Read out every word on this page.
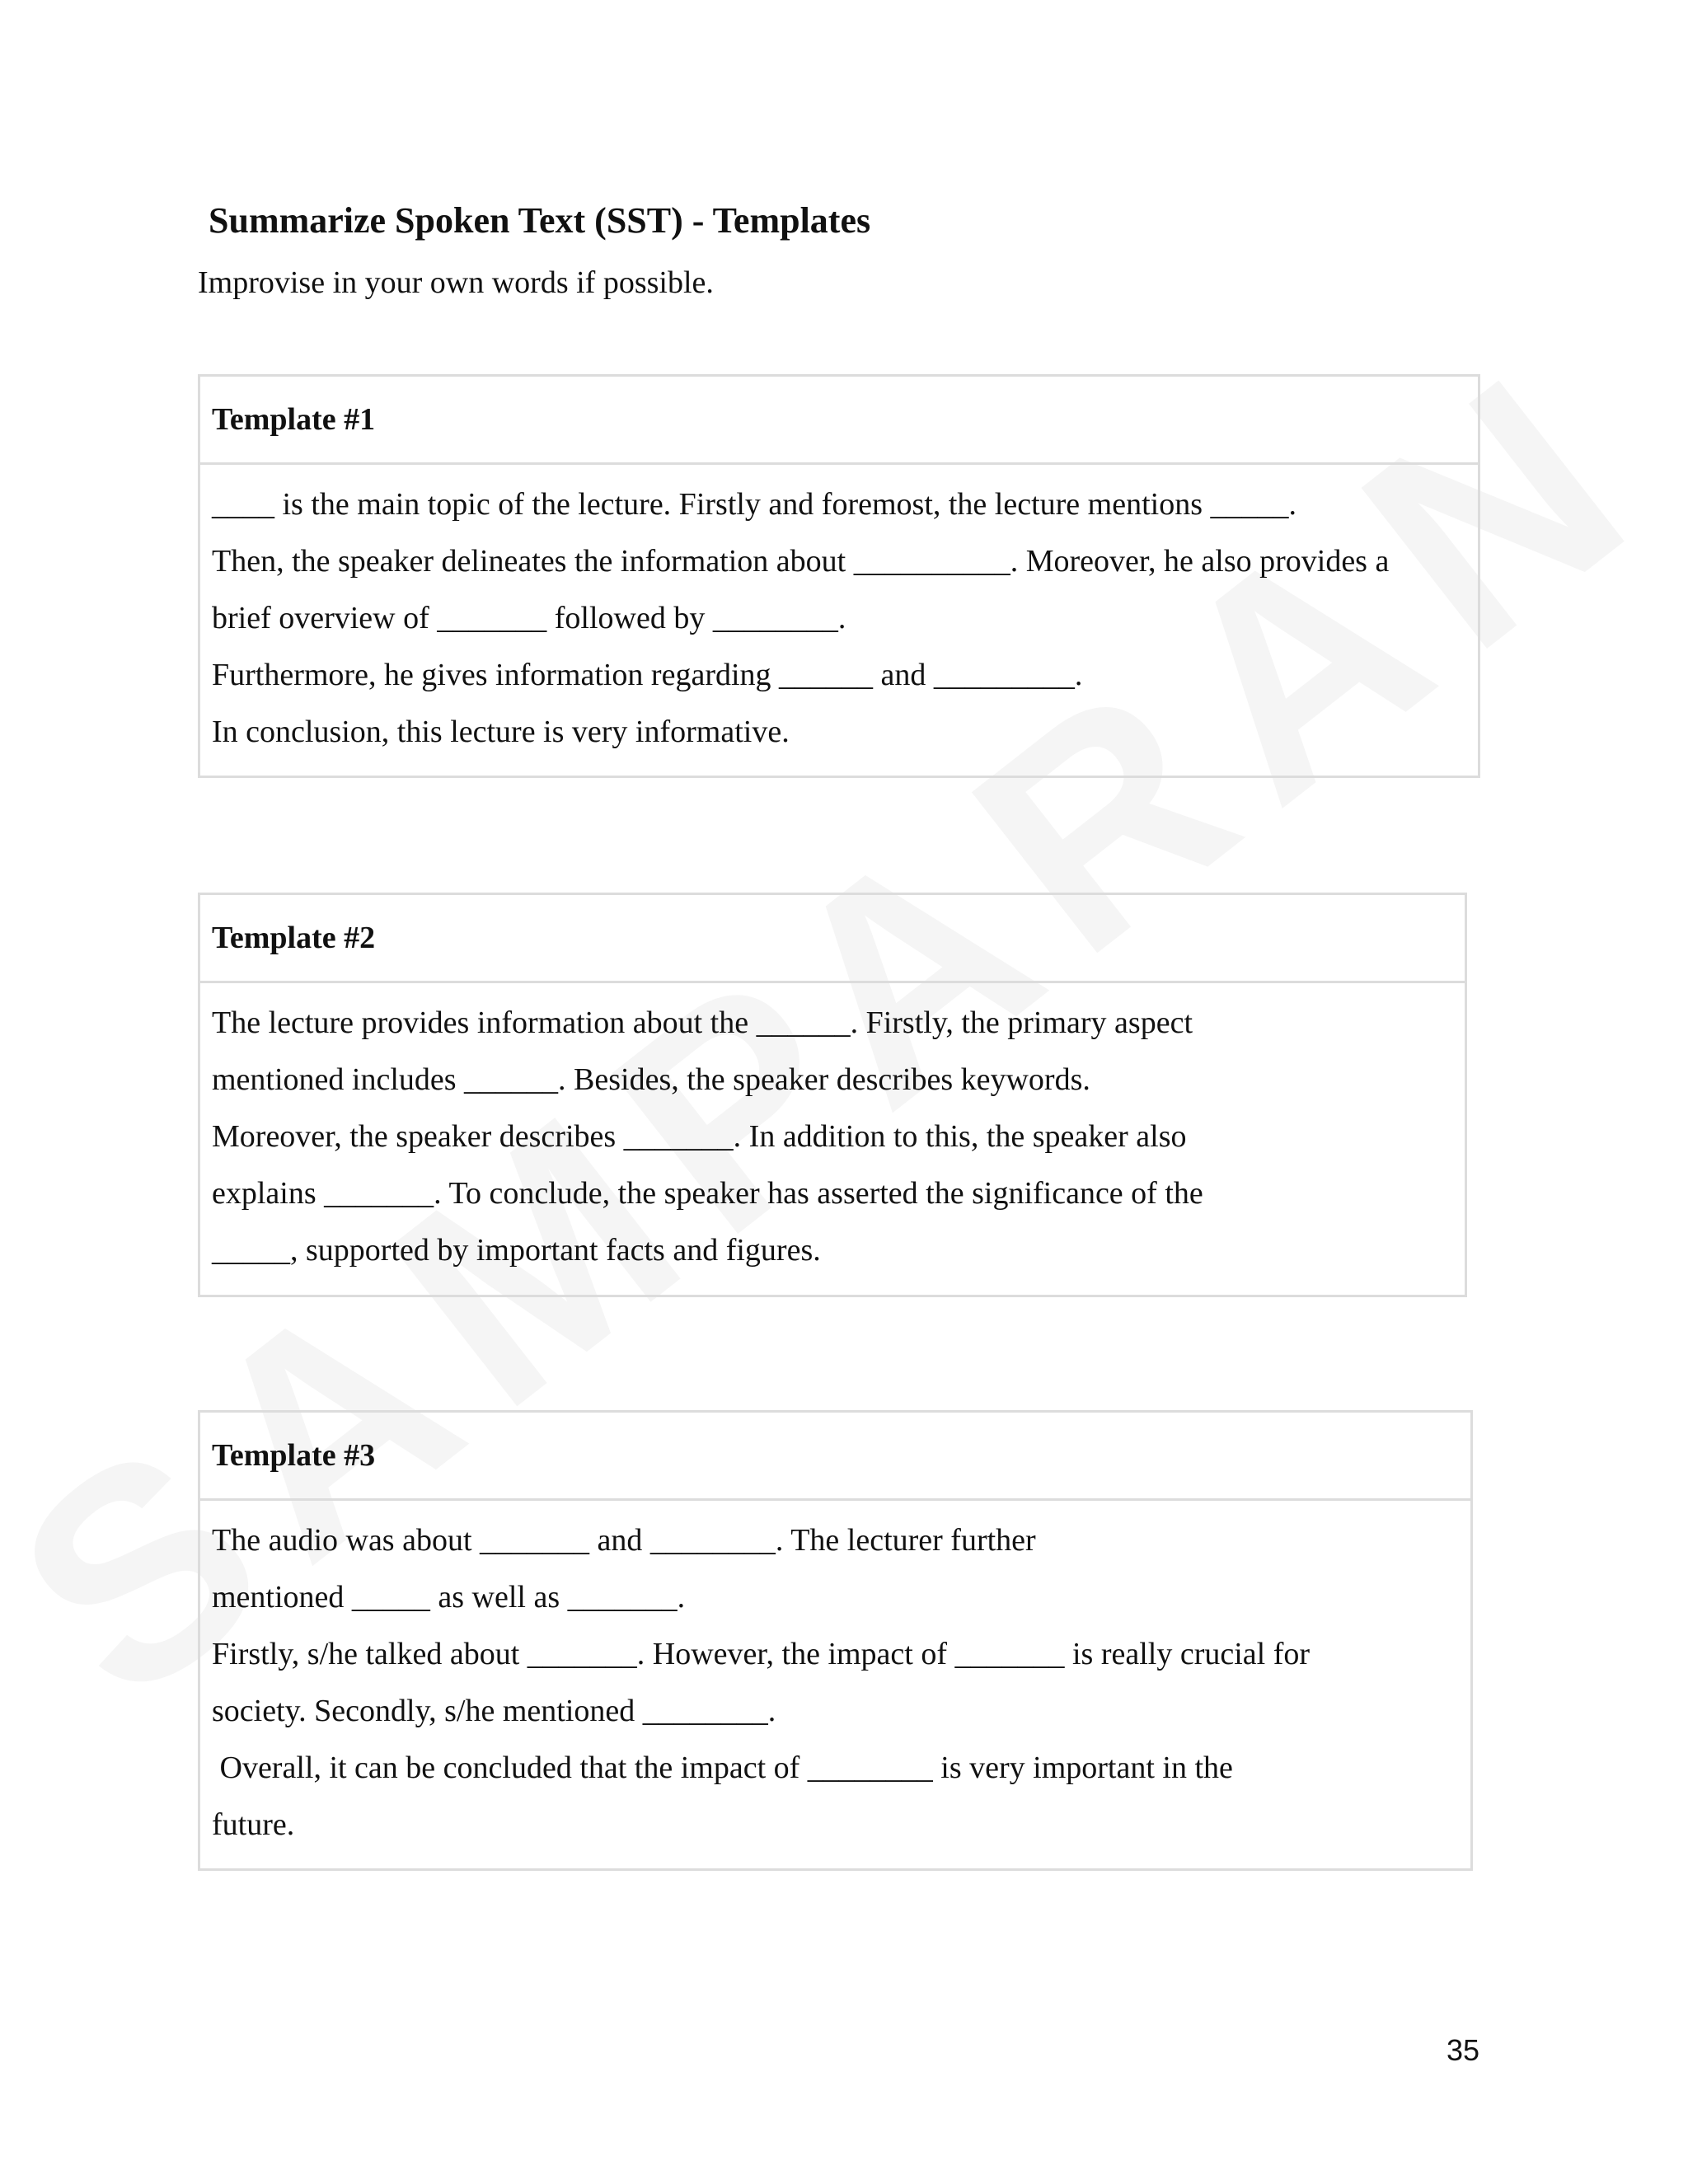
Summarize Spoken Text (SST) - Templates

Improvise in your own words if possible.

Template #1
____ is the main topic of the lecture. Firstly and foremost, the lecture mentions _____.
Then, the speaker delineates the information about __________. Moreover, he also provides a
brief overview of _______ followed by ________.
Furthermore, he gives information regarding ______ and _________.
In conclusion, this lecture is very informative.
Template #2
The lecture provides information about the ______. Firstly, the primary aspect
mentioned includes ______. Besides, the speaker describes keywords.
Moreover, the speaker describes _______. In addition to this, the speaker also
explains _______. To conclude, the speaker has asserted the significance of the
_____, supported by important facts and figures.
Template #3
The audio was about _______ and ________. The lecturer further
mentioned _____ as well as _______.
Firstly, s/he talked about _______. However, the impact of _______ is really crucial for
society. Secondly, s/he mentioned ________.
Overall, it can be concluded that the impact of ________ is very important in the
future.
35
